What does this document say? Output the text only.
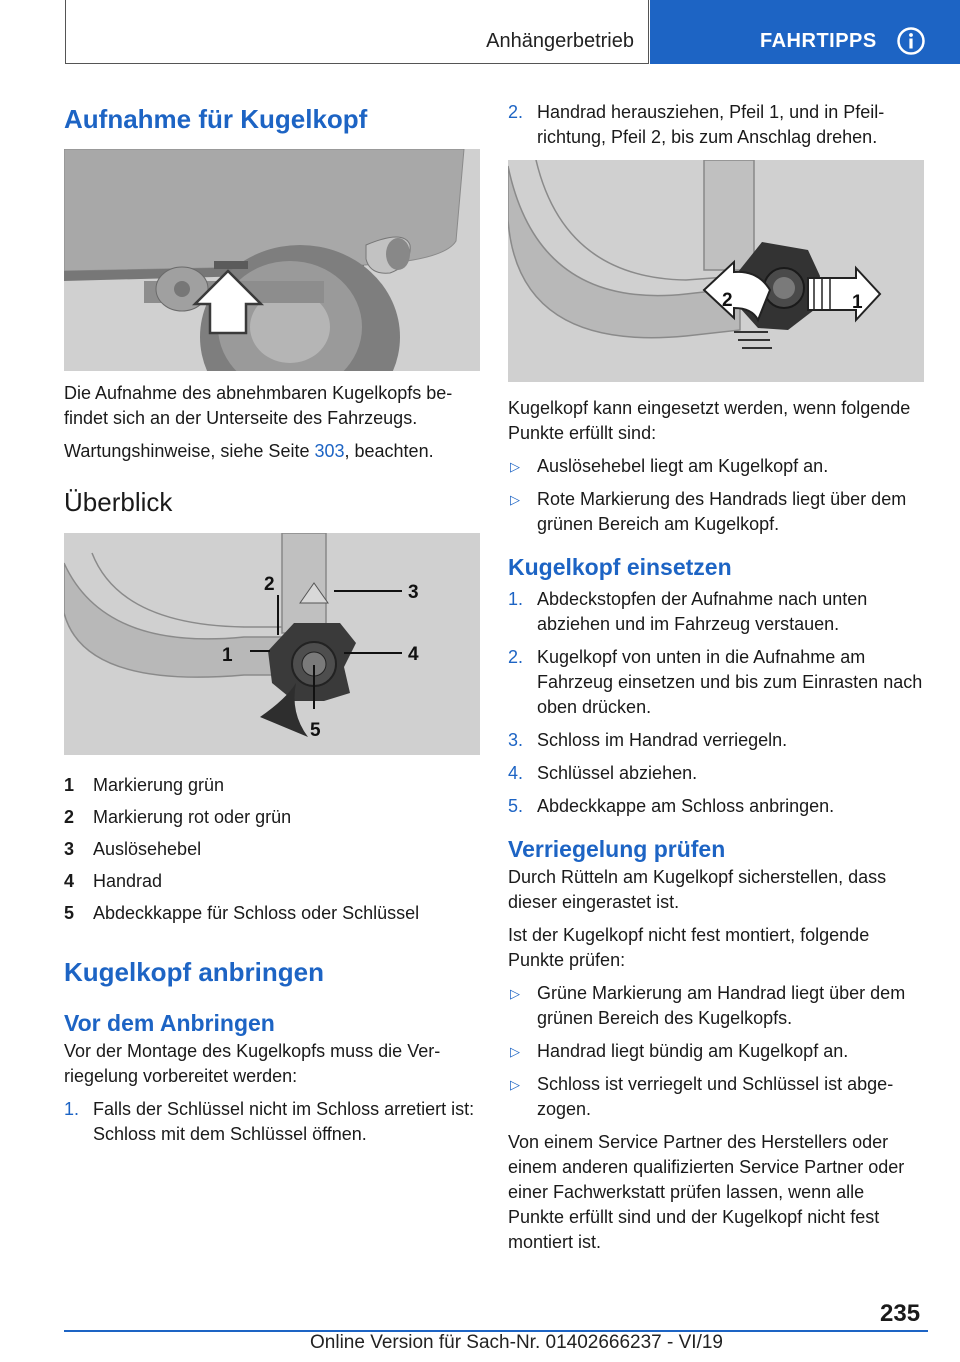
Anhängerbetrieb	FAHRTIPPS
Aufnahme für Kugelkopf

Die Aufnahme des abnehmbaren Kugelkopfs befindet sich an der Unterseite des Fahrzeugs.

Wartungshinweise, siehe Seite 303, beachten.

Überblick
2	3
1	4
5
1	Markierung grün
2	Markierung rot oder grün
3	Auslösehebel
4	Handrad
5	Abdeckkappe für Schloss oder Schlüssel
Kugelkopf anbringen
Vor dem Anbringen

Vor der Montage des Kugelkopfs muss die Verriegelung vorbereitet werden:

1. Falls der Schlüssel nicht im Schloss arretiert ist: Schloss mit dem Schlüssel öffnen.
2. Handrad herausziehen, Pfeil 1, und in Pfeilrichtung, Pfeil 2, bis zum Anschlag drehen.
2	1

Kugelkopf kann eingesetzt werden, wenn folgende Punkte erfüllt sind:

▷ Auslösehebel liegt am Kugelkopf an.
▷ Rote Markierung des Handrads liegt über dem grünen Bereich am Kugelkopf.
Kugelkopf einsetzen
1. Abdeckstopfen der Aufnahme nach unten abziehen und im Fahrzeug verstauen.
2. Kugelkopf von unten in die Aufnahme am Fahrzeug einsetzen und bis zum Einrasten nach oben drücken.
3. Schloss im Handrad verriegeln.
4. Schlüssel abziehen.
5. Abdeckkappe am Schloss anbringen.
Verriegelung prüfen

Durch Rütteln am Kugelkopf sicherstellen, dass dieser eingerastet ist.

Ist der Kugelkopf nicht fest montiert, folgende Punkte prüfen:

▷ Grüne Markierung am Handrad liegt über dem grünen Bereich des Kugelkopfs.
▷ Handrad liegt bündig am Kugelkopf an.
▷ Schloss ist verriegelt und Schlüssel ist abgezogen.

Von einem Service Partner des Herstellers oder einem anderen qualifizierten Service Partner oder einer Fachwerkstatt prüfen lassen, wenn alle Punkte erfüllt sind und der Kugelkopf nicht fest montiert ist.

235
Online Version für Sach-Nr. 01402666237 - VI/19
